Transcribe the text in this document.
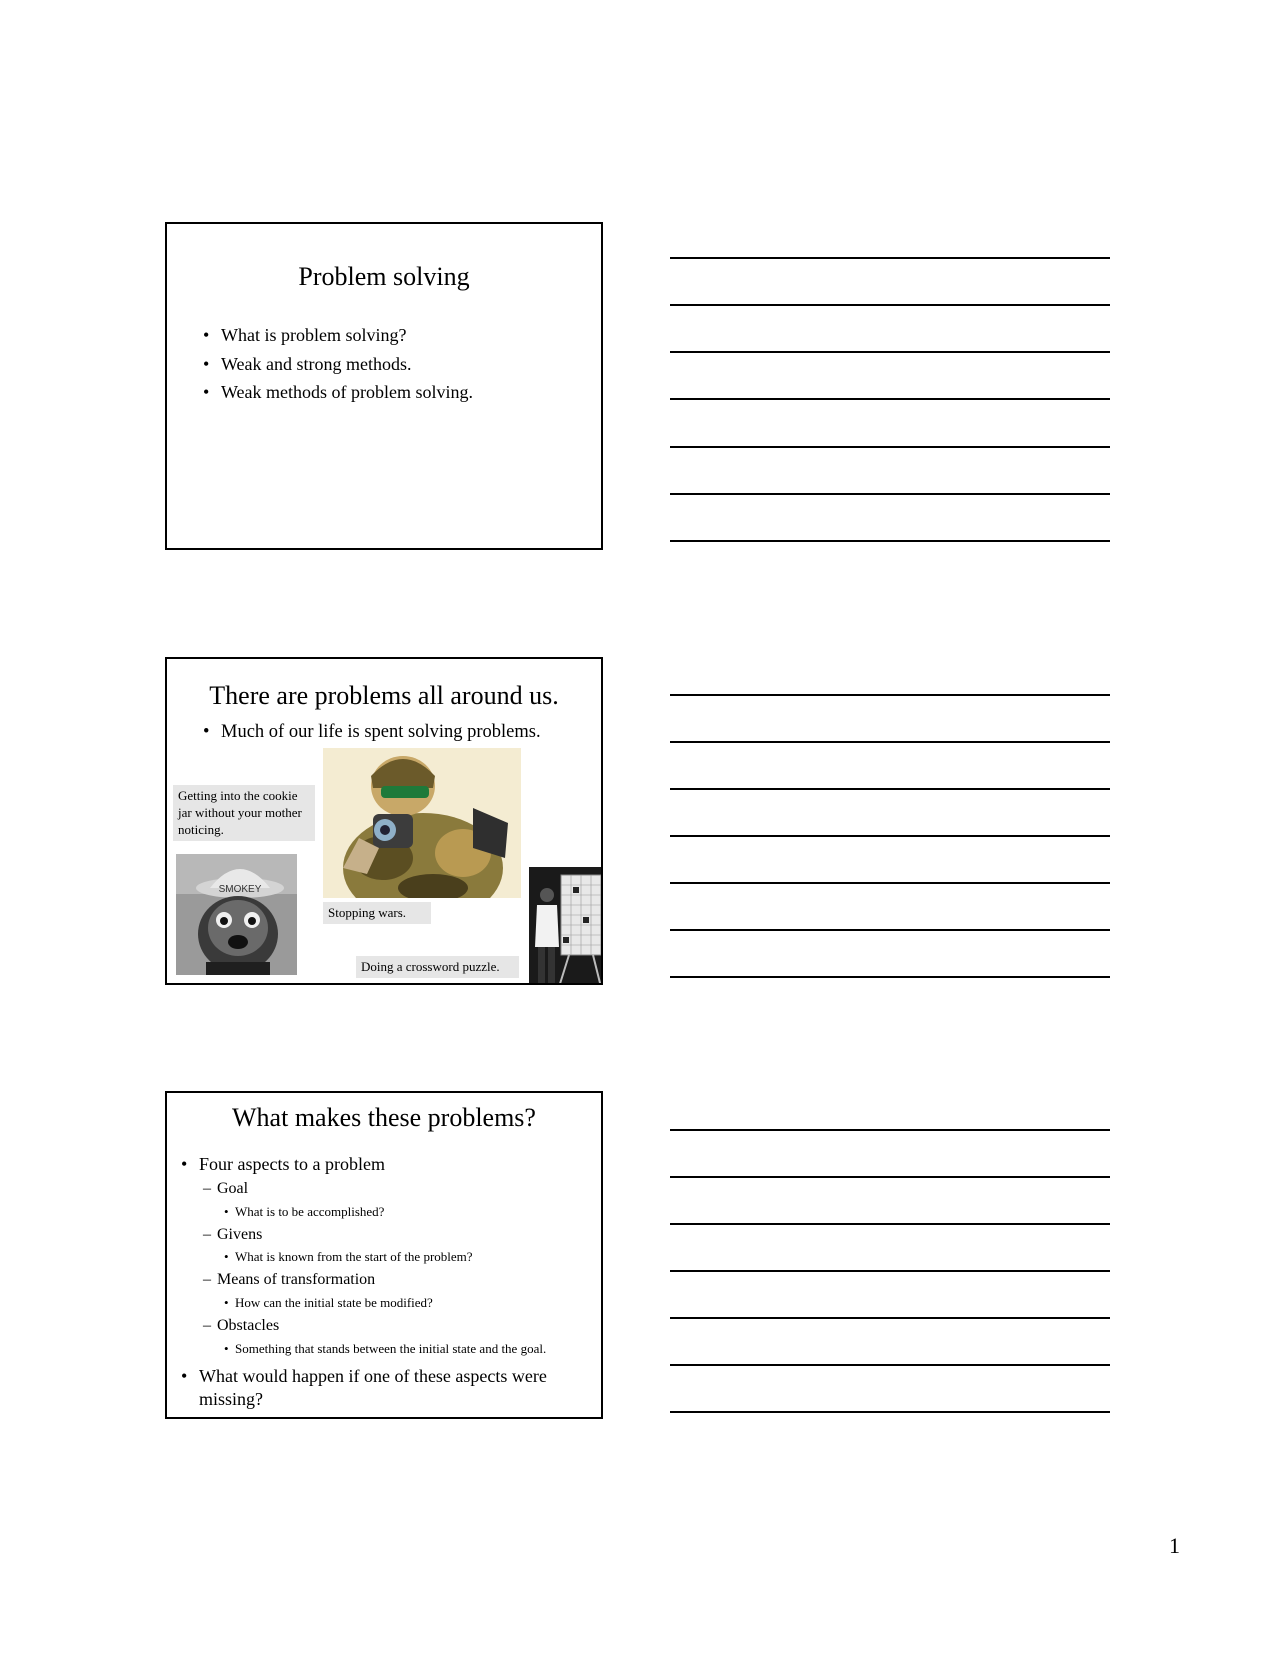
Problem solving
• What is problem solving?
• Weak and strong methods.
• Weak methods of problem solving.
There are problems all around us.
• Much of our life is spent solving problems.
Getting into the cookie jar without your mother noticing.
Stopping wars.
SMOKEY
Doing a crossword puzzle.
What makes these problems?
• Four aspects to a problem
– Goal
• What is to be accomplished?
– Givens
• What is known from the start of the problem?
– Means of transformation
• How can the initial state be modified?
– Obstacles
• Something that stands between the initial state and the goal.
• What would happen if one of these aspects were missing?
1
